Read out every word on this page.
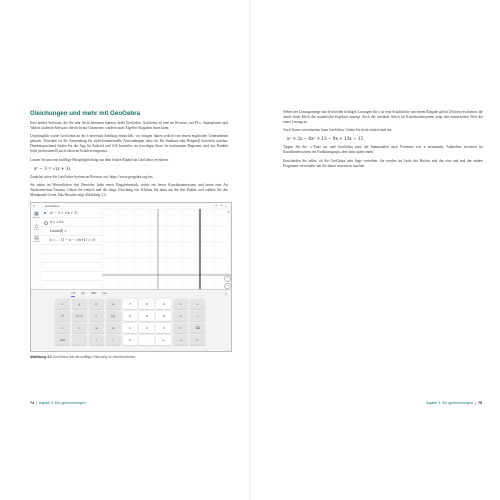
Gleichungen und mehr mit GeoGebra

Eine andere Software, die Sie sehr leicht benutzen können, heißt GeoGebra. GeoGebra ist eine im Browser, auf PCs, Smartphones und Tablets laufende Software, die nicht nur Geometrie, sondern auch Algebra-Aufgaben lösen kann.

Ursprünglich wurde GeoGebra an der Universität Salzburg entwickelt, vor einigen Jahren jedoch von einem englischen Unternehmen gekauft. Trotzdem ist die Anwendung für nicht-kommerzielle Anwendungen (also für Ihr Studium zum Beispiel) kostenlos nutzbar. Dementsprechend finden Sie die App für Android und iOS kostenlos im jeweiligen Store. In bestimmten Regionen wird das Produkt (teils professionell) auch schon an Schulen eingesetzt.

Lassen Sie uns eine knifflige Beispielgleichung aus dem letzten Kapitel an GeoGebra verfüttern:

x² − 3 = √(x + 1)

Zunächst rufen Sie GeoGebra-System im Browser auf: https://www.geogebra.org/cas.

Sie sehen im Wesentlichen drei Bereiche: links einen Eingabebereich, rechts ein leeres Koordinatensystem und unten eine Art Taschenrechner-Tastatur. Geben Sie einfach mal die obige Gleichung ein. Klicken Sie dann auf die drei Punkte und wählen Sie den Menüpunkt Lösen. Das Resultat zeigt Abbildung 3.2.

≡	GeoGebra	↶↷⌕
▦
Algebra
△
Tools
▤
Tabelle
x² − 3 = √(x + 1)	⋮
x = 2.62
Lösen(f) ≈
x = ... {1 − x − √(x+1) = 0}
⚙
+
−
123 f(x) ABC #&¬	✕
x	y	π	e	7	8	9	×	÷
x²	x^▫	√	|▫|	4	5	6	+	−
<	>	≤	≥	1	2	3	=	⌫
ans	,	(	)	0	.	←	→	↵
Abbildung 3.2 GeoGebra löst die knifflige Gleichung im Handumdrehen.
74 | Kapitel 3: Ein Igelrechnungen

Neben der Lösungsmenge mit den beiden richtigen Lösungen für x ist eine Schaltfläche mit einem Eingabe gleich Zeichen erschienen, die durch einen Klick das numerische Ergebnis anzeigt. Auch der vertikale Strich im Koordinatensystem zeigt den numerischen Wert der einen Lösung an.

Auch Terme vereinfachen kann GeoGebra. Geben Sie doch einfach mal ein:

x² + 2x − 4x² + 13 − 9x + 13x − 12

Tippen Sie die ↵-Taste an, und GeoGebra fasst die Summanden nach Potenzen von x zusammen. Außerdem erscheint im Koordinatensystem ein Funktionsgraph, aber dazu später mehr.

Entscheiden Sie selbst, ob Sie GeoGebra oder Sage verstehen. Sie werden im Laufe des Buches mal das eine und mal das andere Programm verwenden, um Sie damit vertraut zu machen.

Kapitel 3: Ein Igelrechnungen | 75
